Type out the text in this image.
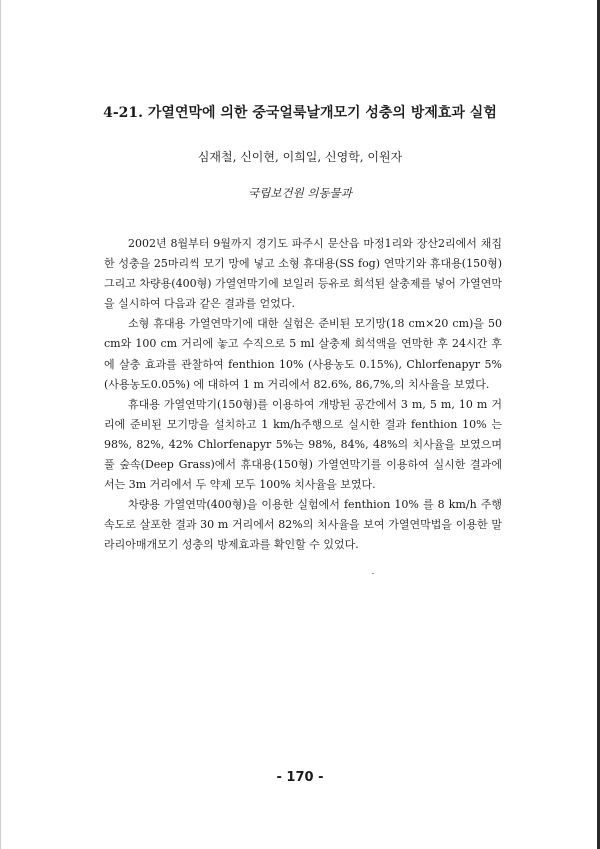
4-21. 가열연막에 의한 중국얼룩날개모기 성충의 방제효과 실험
심재철, 신이현, 이희일, 신영학, 이원자
국립보건원 의동물과

2002년 8월부터 9월까지 경기도 파주시 문산읍 마정1리와 장산2리에서 채집한 성충을 25마리씩 모기 망에 넣고 소형 휴대용(SS fog) 연막기와 휴대용(150형) 그리고 차량용(400형) 가열연막기에 보일러 등유로 희석된 살충제를 넣어 가열연막을 실시하여 다음과 같은 결과를 얻었다.

소형 휴대용 가열연막기에 대한 실험은 준비된 모기망(18 cm×20 cm)을 50 cm와 100 cm 거리에 놓고 수직으로 5 ml 살충제 희석액을 연막한 후 24시간 후에 살충 효과를 관찰하여 fenthion 10% (사용농도 0.15%), Chlorfenapyr 5%(사용농도0.05%) 에 대하여 1 m 거리에서 82.6%, 86,7%,의 치사율을 보였다.

휴대용 가열연막기(150형)를 이용하여 개방된 공간에서 3 m, 5 m, 10 m 거리에 준비된 모기망을 설치하고 1 km/h주행으로 실시한 결과 fenthion 10% 는 98%, 82%, 42% Chlorfenapyr 5%는 98%, 84%, 48%의 치사율을 보였으며 풀 숲속(Deep Grass)에서 휴대용(150형) 가열연막기를 이용하여 실시한 결과에서는 3m 거리에서 두 약제 모두 100% 치사율을 보였다.

차량용 가열연막(400형)을 이용한 실험에서 fenthion 10% 를 8 km/h 주행속도로 살포한 결과 30 m 거리에서 82%의 치사율을 보여 가열연막법을 이용한 말라리아매개모기 성충의 방제효과를 확인할 수 있었다.

- 170 -
